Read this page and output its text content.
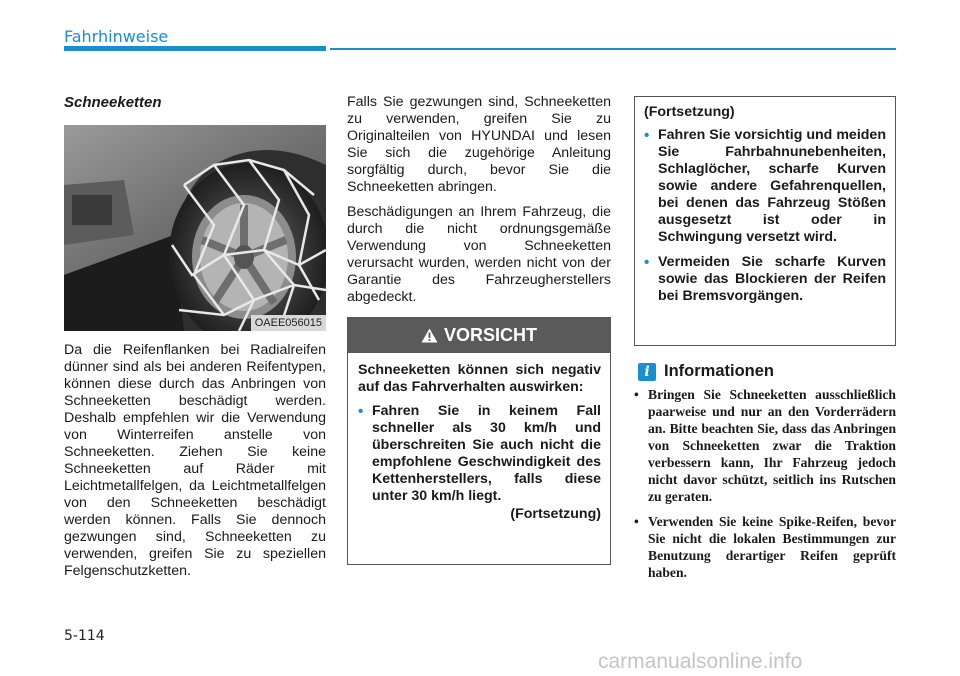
Fahrhinweise
Schneeketten
OAEE056015

Da die Reifenflanken bei Radialreifen dünner sind als bei anderen Reifentypen, können diese durch das Anbringen von Schneeketten beschädigt werden. Deshalb empfehlen wir die Verwendung von Winterreifen anstelle von Schneeketten. Ziehen Sie keine Schneeketten auf Räder mit Leichtmetallfelgen, da Leichtmetallfelgen von den Schneeketten beschädigt werden können. Falls Sie dennoch gezwungen sind, Schneeketten zu verwenden, greifen Sie zu speziellen Felgenschutzketten.

Falls Sie gezwungen sind, Schneeketten zu verwenden, greifen Sie zu Originalteilen von HYUNDAI und lesen Sie sich die zugehörige Anleitung sorgfältig durch, bevor Sie die Schneeketten abringen.

Beschädigungen an Ihrem Fahrzeug, die durch die nicht ordnungsgemäße Verwendung von Schneeketten verursacht wurden, werden nicht von der Garantie des Fahrzeugherstellers abgedeckt.

VORSICHT

Schneeketten können sich negativ auf das Fahrverhalten auswirken:

• Fahren Sie in keinem Fall schneller als 30 km/h und überschreiten Sie auch nicht die empfohlene Geschwindigkeit des Kettenherstellers, falls diese unter 30 km/h liegt.

(Fortsetzung)

(Fortsetzung)

• Fahren Sie vorsichtig und meiden Sie Fahrbahnunebenheiten, Schlaglöcher, scharfe Kurven sowie andere Gefahrenquellen, bei denen das Fahrzeug Stößen ausgesetzt ist oder in Schwingung versetzt wird.
• Vermeiden Sie scharfe Kurven sowie das Blockieren der Reifen bei Bremsvorgängen.
i Informationen
• Bringen Sie Schneeketten ausschließlich paarweise und nur an den Vorderrädern an. Bitte beachten Sie, dass das Anbringen von Schneeketten zwar die Traktion verbessern kann, Ihr Fahrzeug jedoch nicht davor schützt, seitlich ins Rutschen zu geraten.
• Verwenden Sie keine Spike-Reifen, bevor Sie nicht die lokalen Bestimmungen zur Benutzung derartiger Reifen geprüft haben.
5-114
carmanualsonline.info
